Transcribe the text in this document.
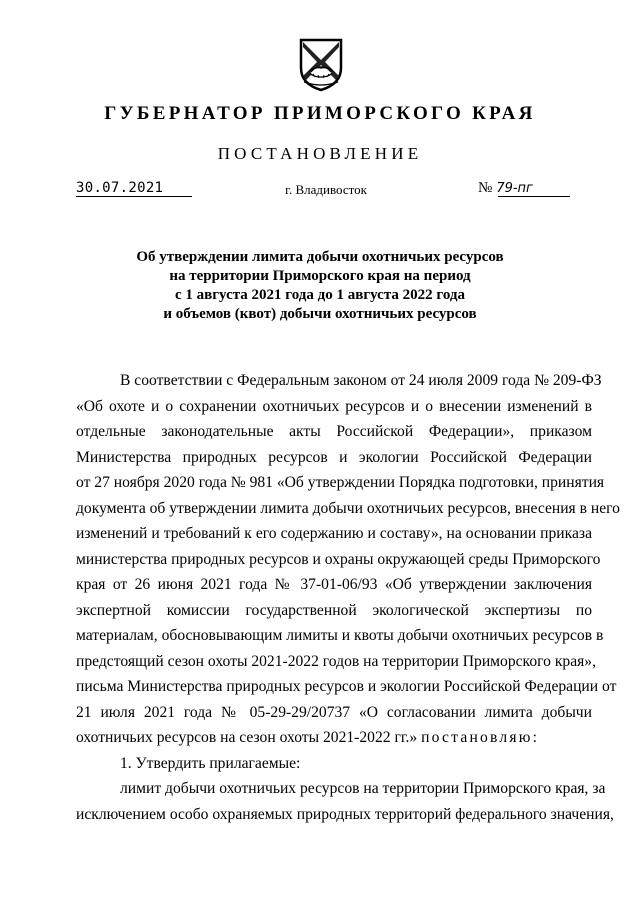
ГУБЕРНАТОР ПРИМОРСКОГО КРАЯ
ПОСТАНОВЛЕНИЕ
30.07.2021	г. Владивосток	№ 79-пг
Об утверждении лимита добычи охотничьих ресурсов
на территории Приморского края на период
с 1 августа 2021 года до 1 августа 2022 года
и объемов (квот) добычи охотничьих ресурсов
В соответствии с Федеральным законом от 24 июля 2009 года № 209-ФЗ
«Об охоте и о сохранении охотничьих ресурсов и о внесении изменений в
отдельные законодательные акты Российской Федерации», приказом
Министерства природных ресурсов и экологии Российской Федерации
от 27 ноября 2020 года № 981 «Об утверждении Порядка подготовки, принятия
документа об утверждении лимита добычи охотничьих ресурсов, внесения в него
изменений и требований к его содержанию и составу», на основании приказа
министерства природных ресурсов и охраны окружающей среды Приморского
края от 26 июня 2021 года № 37-01-06/93 «Об утверждении заключения
экспертной комиссии государственной экологической экспертизы по
материалам, обосновывающим лимиты и квоты добычи охотничьих ресурсов в
предстоящий сезон охоты 2021-2022 годов на территории Приморского края»,
письма Министерства природных ресурсов и экологии Российской Федерации от
21 июля 2021 года № 05-29-29/20737 «О согласовании лимита добычи
охотничьих ресурсов на сезон охоты 2021-2022 гг.» постановляю:
1. Утвердить прилагаемые:
лимит добычи охотничьих ресурсов на территории Приморского края, за
исключением особо охраняемых природных территорий федерального значения,
